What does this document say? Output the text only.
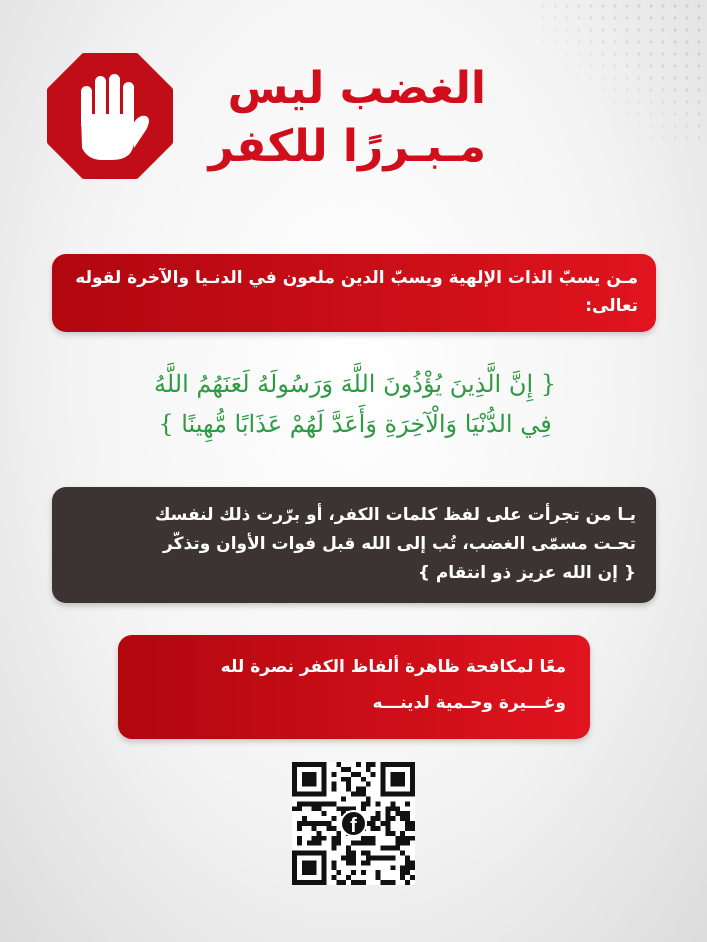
الغضب ليس
مـبـررًا للكفر
مـن يسبّ الذات الإلهية ويسبّ الدين ملعون في الدنـيا والآخرة لقوله تعالى:
{ إِنَّ الَّذِينَ يُؤْذُونَ اللَّهَ وَرَسُولَهُ لَعَنَهُمُ اللَّهُ
فِي الدُّنْيَا وَالْآخِرَةِ وَأَعَدَّ لَهُمْ عَذَابًا مُّهِينًا }
يـا من تجرأت على لفظ كلمات الكفر، أو برّرت ذلك لنفسك
تحـت مسمّى الغضب، تُب إلى الله قبل فوات الأوان وتذكّر
{ إن الله عزيز ذو انتقام }
معًا لمكافحة ظاهرة ألفاظ الكفر نصرة لله
وغـــيرة وحـمية لدينـــه
f
